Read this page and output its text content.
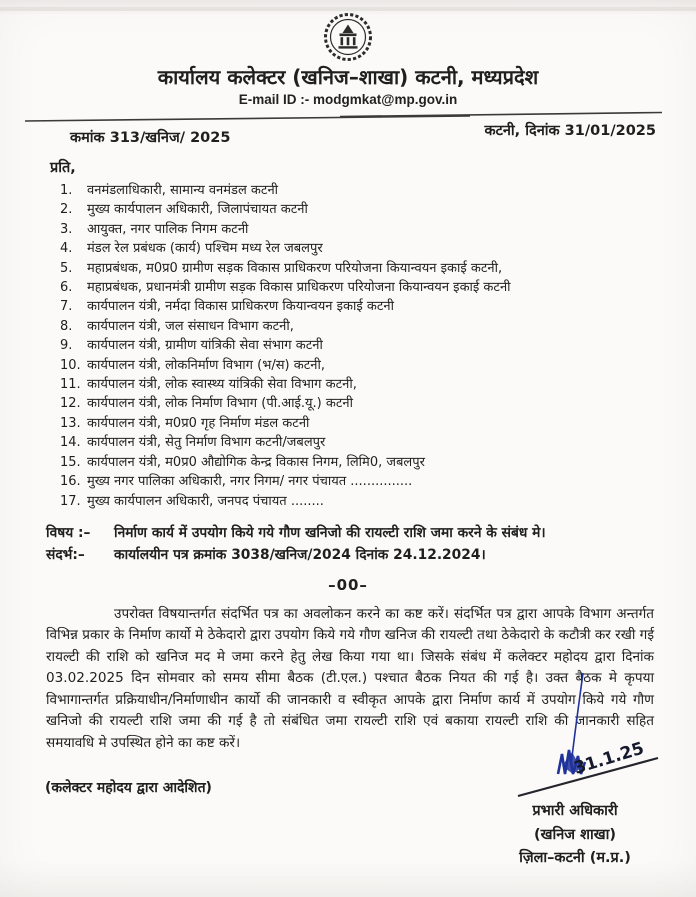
कार्यालय कलेक्टर (खनिज–शाखा) कटनी, मध्यप्रदेश
E-mail ID :- modgmkat@mp.gov.in
कमांक 313/खनिज/ 2025	कटनी, दिनांक 31/01/2025
प्रति,
1.	वनमंडलाधिकारी, सामान्य वनमंडल कटनी
2.	मुख्य कार्यपालन अधिकारी, जिलापंचायत कटनी
3.	आयुक्त, नगर पालिक निगम कटनी
4.	मंडल रेल प्रबंधक (कार्य) पश्चिम मध्य रेल जबलपुर
5.	महाप्रबंधक, म0प्र0 ग्रामीण सड़क विकास प्राधिकरण परियोजना कियान्वयन इकाई कटनी,
6.	महाप्रबंधक, प्रधानमंत्री ग्रामीण सड़क विकास प्राधिकरण परियोजना कियान्वयन इकाई कटनी
7.	कार्यपालन यंत्री, नर्मदा विकास प्राधिकरण कियान्वयन इकाई कटनी
8.	कार्यपालन यंत्री, जल संसाधन विभाग कटनी,
9.	कार्यपालन यंत्री, ग्रामीण यांत्रिकी सेवा संभाग कटनी
10. कार्यपालन यंत्री, लोकनिर्माण विभाग (भ/स) कटनी,
11. कार्यपालन यंत्री, लोक स्वास्थ्य यांत्रिकी सेवा विभाग कटनी,
12. कार्यपालन यंत्री, लोक निर्माण विभाग (पी.आई.यू.) कटनी
13. कार्यपालन यंत्री, म0प्र0 गृह निर्माण मंडल कटनी
14. कार्यपालन यंत्री, सेतु निर्माण विभाग कटनी/जबलपुर
15. कार्यपालन यंत्री, म0प्र0 औद्योगिक केन्द्र विकास निगम, लिमि0, जबलपुर
16. मुख्य नगर पालिका अधिकारी, नगर निगम/ नगर पंचायत ...............
17. मुख्य कार्यपालन अधिकारी, जनपद पंचायत ........
विषय :–	निर्माण कार्य में उपयोग किये गये गौण खनिजो की रायल्टी राशि जमा करने के संबंध मे।
संदर्भ:–	कार्यालयीन पत्र क्रमांक 3038/खनिज/2024 दिनांक 24.12.2024।
–00–

उपरोक्त विषयान्तर्गत संदर्भित पत्र का अवलोकन करने का कष्ट करें। संदर्भित पत्र द्वारा आपके विभाग अन्तर्गत विभिन्न प्रकार के निर्माण कार्यो मे ठेकेदारो द्वारा उपयोग किये गये गौण खनिज की रायल्टी तथा ठेकेदारो के कटौत्री कर रखी गई रायल्टी की राशि को खनिज मद मे जमा करने हेतु लेख किया गया था। जिसके संबंध में कलेक्टर महोदय द्वारा दिनांक 03.02.2025 दिन सोमवार को समय सीमा बैठक (टी.एल.) पश्चात बैठक नियत की गई है। उक्त बैठक मे कृपया विभागान्तर्गत प्रक्रियाधीन/निर्माणाधीन कार्यो की जानकारी व स्वीकृत आपके द्वारा निर्माण कार्य में उपयोग किये गये गौण खनिजो की रायल्टी राशि जमा की गई है तो संबंधित जमा रायल्टी राशि एवं बकाया रायल्टी राशि की जानकारी सहित समयावधि मे उपस्थित होने का कष्ट करें।

(कलेक्टर महोदय द्वारा आदेशित)
31.1.25
प्रभारी अधिकारी
(खनिज शाखा)
ज़िला–कटनी (म.प्र.)
